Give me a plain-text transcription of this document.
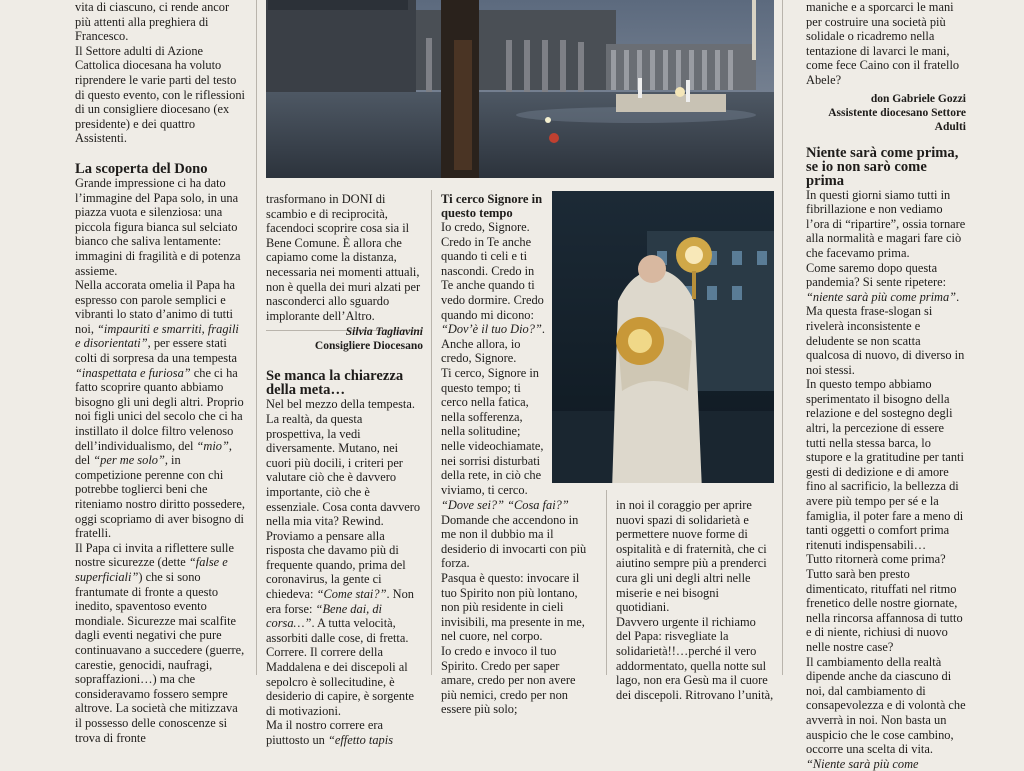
vita di ciascuno, ci rende ancor più attenti alla preghiera di Francesco.

Il Settore adulti di Azione Cattolica diocesana ha voluto riprendere le varie parti del testo di questo evento, con le riflessioni di un consigliere diocesano (ex presidente) e dei quattro Assistenti.

La scoperta del Dono

Grande impressione ci ha dato l’immagine del Papa solo, in una piazza vuota e silenziosa: una piccola figura bianca sul selciato bianco che saliva lentamente: immagini di fragilità e di potenza assieme.

Nella accorata omelia il Papa ha espresso con parole semplici e vibranti lo stato d’animo di tutti noi, “impauriti e smarriti, fragili e disorientati”, per essere stati colti di sorpresa da una tempesta “inaspettata e furiosa” che ci ha fatto scoprire quanto abbiamo bisogno gli uni degli altri. Proprio noi figli unici del secolo che ci ha instillato il dolce filtro velenoso dell’individualismo, del “mio”, del “per me solo”, in competizione perenne con chi potrebbe toglierci beni che riteniamo nostro diritto possedere, oggi scopriamo di aver bisogno di fratelli.

Il Papa ci invita a riflettere sulle nostre sicurezze (dette “false e superficiali”) che si sono frantumate di fronte a questo inedito, spaventoso evento mondiale. Sicurezze mai scalfite dagli eventi negativi che pure continuavano a succedere (guerre, carestie, genocidi, naufragi, sopraffazioni…) ma che consideravamo fossero sempre altrove. La società che mitizzava il possesso delle conoscenze si trova di fronte

trasformano in DONI di scambio e di reciprocità, facendoci scoprire cosa sia il Bene Comune. È allora che capiamo come la distanza, necessaria nei momenti attuali, non è quella dei muri alzati per nasconderci allo sguardo implorante dell’Altro.

Silvia Tagliavini
Consigliere Diocesano
Se manca la chiarezza della meta…

Nel bel mezzo della tempesta. La realtà, da questa prospettiva, la vedi diversamente. Mutano, nei cuori più docili, i criteri per valutare ciò che è davvero importante, ciò che è essenziale. Cosa conta davvero nella mia vita? Rewind. Proviamo a pensare alla risposta che davamo più di frequente quando, prima del coronavirus, la gente ci chiedeva: “Come stai?”. Non era forse: “Bene dai, di corsa…”. A tutta velocità, assorbiti dalle cose, di fretta. Correre. Il correre della Maddalena e dei discepoli al sepolcro è sollecitudine, è desiderio di capire, è sorgente di motivazioni.

Ma il nostro correre era piuttosto un “effetto tapis

Ti cerco Signore in questo tempo

Io credo, Signore. Credo in Te anche quando ti celi e ti nascondi. Credo in Te anche quando ti vedo dormire. Credo quando mi dicono: “Dov’è il tuo Dio?”. Anche allora, io credo, Signore.

Ti cerco, Signore in questo tempo; ti cerco nella fatica, nella sofferenza, nella solitudine; nelle videochiamate, nei sorrisi disturbati della rete, in ciò che viviamo, ti cerco.

“Dove sei?” “Cosa fai?” Domande che accendono in me non il dubbio ma il desiderio di invocarti con più forza.

Pasqua è questo: invocare il tuo Spirito non più lontano, non più residente in cieli invisibili, ma presente in me, nel cuore, nel corpo.

Io credo e invoco il tuo Spirito. Credo per saper amare, credo per non avere più nemici, credo per non essere più solo;

in noi il coraggio per aprire nuovi spazi di solidarietà e permettere nuove forme di ospitalità e di fraternità, che ci aiutino sempre più a prenderci cura gli uni degli altri nelle miserie e nei bisogni quotidiani.

Davvero urgente il richiamo del Papa: risvegliate la solidarietà!!…perché il vero addormentato, quella notte sul lago, non era Gesù ma il cuore dei discepoli. Ritrovano l’unità,

maniche e a sporcarci le mani per costruire una società più solidale o ricadremo nella tentazione di lavarci le mani, come fece Caino con il fratello Abele?

don Gabriele Gozzi
Assistente diocesano Settore Adulti
Niente sarà come prima, se io non sarò come prima

In questi giorni siamo tutti in fibrillazione e non vediamo l’ora di “ripartire”, ossia tornare alla normalità e magari fare ciò che facevamo prima.

Come saremo dopo questa pandemia? Si sente ripetere: “niente sarà più come prima”. Ma questa frase-slogan si rivelerà inconsistente e deludente se non scatta qualcosa di nuovo, di diverso in noi stessi.

In questo tempo abbiamo sperimentato il bisogno della relazione e del sostegno degli altri, la percezione di essere tutti nella stessa barca, lo stupore e la gratitudine per tanti gesti di dedizione e di amore fino al sacrificio, la bellezza di avere più tempo per sé e la famiglia, il poter fare a meno di tanti oggetti o comfort prima ritenuti indispensabili…

Tutto ritornerà come prima? Tutto sarà ben presto dimenticato, rituffati nel ritmo frenetico delle nostre giornate, nella rincorsa affannosa di tutto e di niente, richiusi di nuovo nelle nostre case?

Il cambiamento della realtà dipende anche da ciascuno di noi, dal cambiamento di consapevolezza e di volontà che avverrà in noi. Non basta un auspicio che le cose cambino, occorre una scelta di vita. “Niente sarà più come
